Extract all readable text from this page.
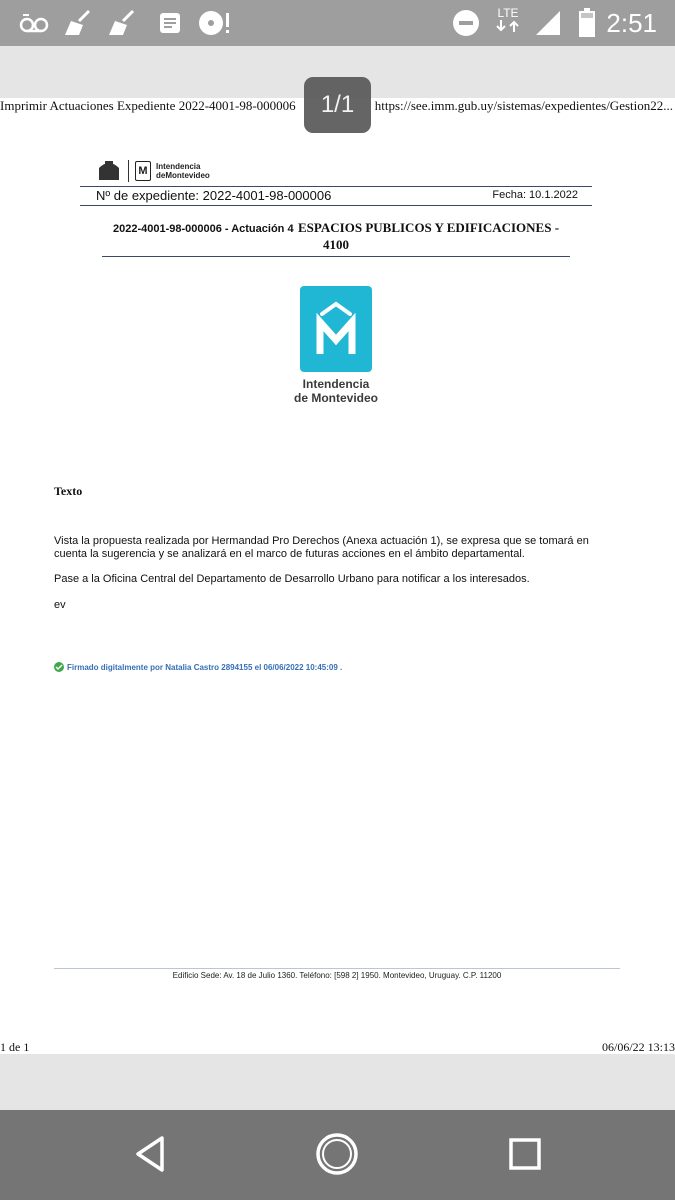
LTE	2:51
Imprimir Actuaciones Expediente 2022-4001-98-000006	https://see.imm.gub.uy/sistemas/expedientes/Gestion22...
M	Intendencia
deMontevideo
Nº de expediente: 2022-4001-98-000006	Fecha: 10.1.2022
2022-4001-98-000006 - Actuación 4 ESPACIOS PUBLICOS Y EDIFICACIONES - 4100
Intendencia
de Montevideo
Texto
Vista la propuesta realizada por Hermandad Pro Derechos (Anexa actuación 1), se expresa que se tomará en cuenta la sugerencia y se analizará en el marco de futuras acciones en el ámbito departamental.
Pase a la Oficina Central del Departamento de Desarrollo Urbano para notificar a los interesados.
ev
Firmado digitalmente por Natalia Castro 2894155 el 06/06/2022 10:45:09 .
Edificio Sede: Av. 18 de Julio 1360. Teléfono: [598 2] 1950. Montevideo, Uruguay. C.P. 11200
1 de 1	06/06/22 13:13
1/1
